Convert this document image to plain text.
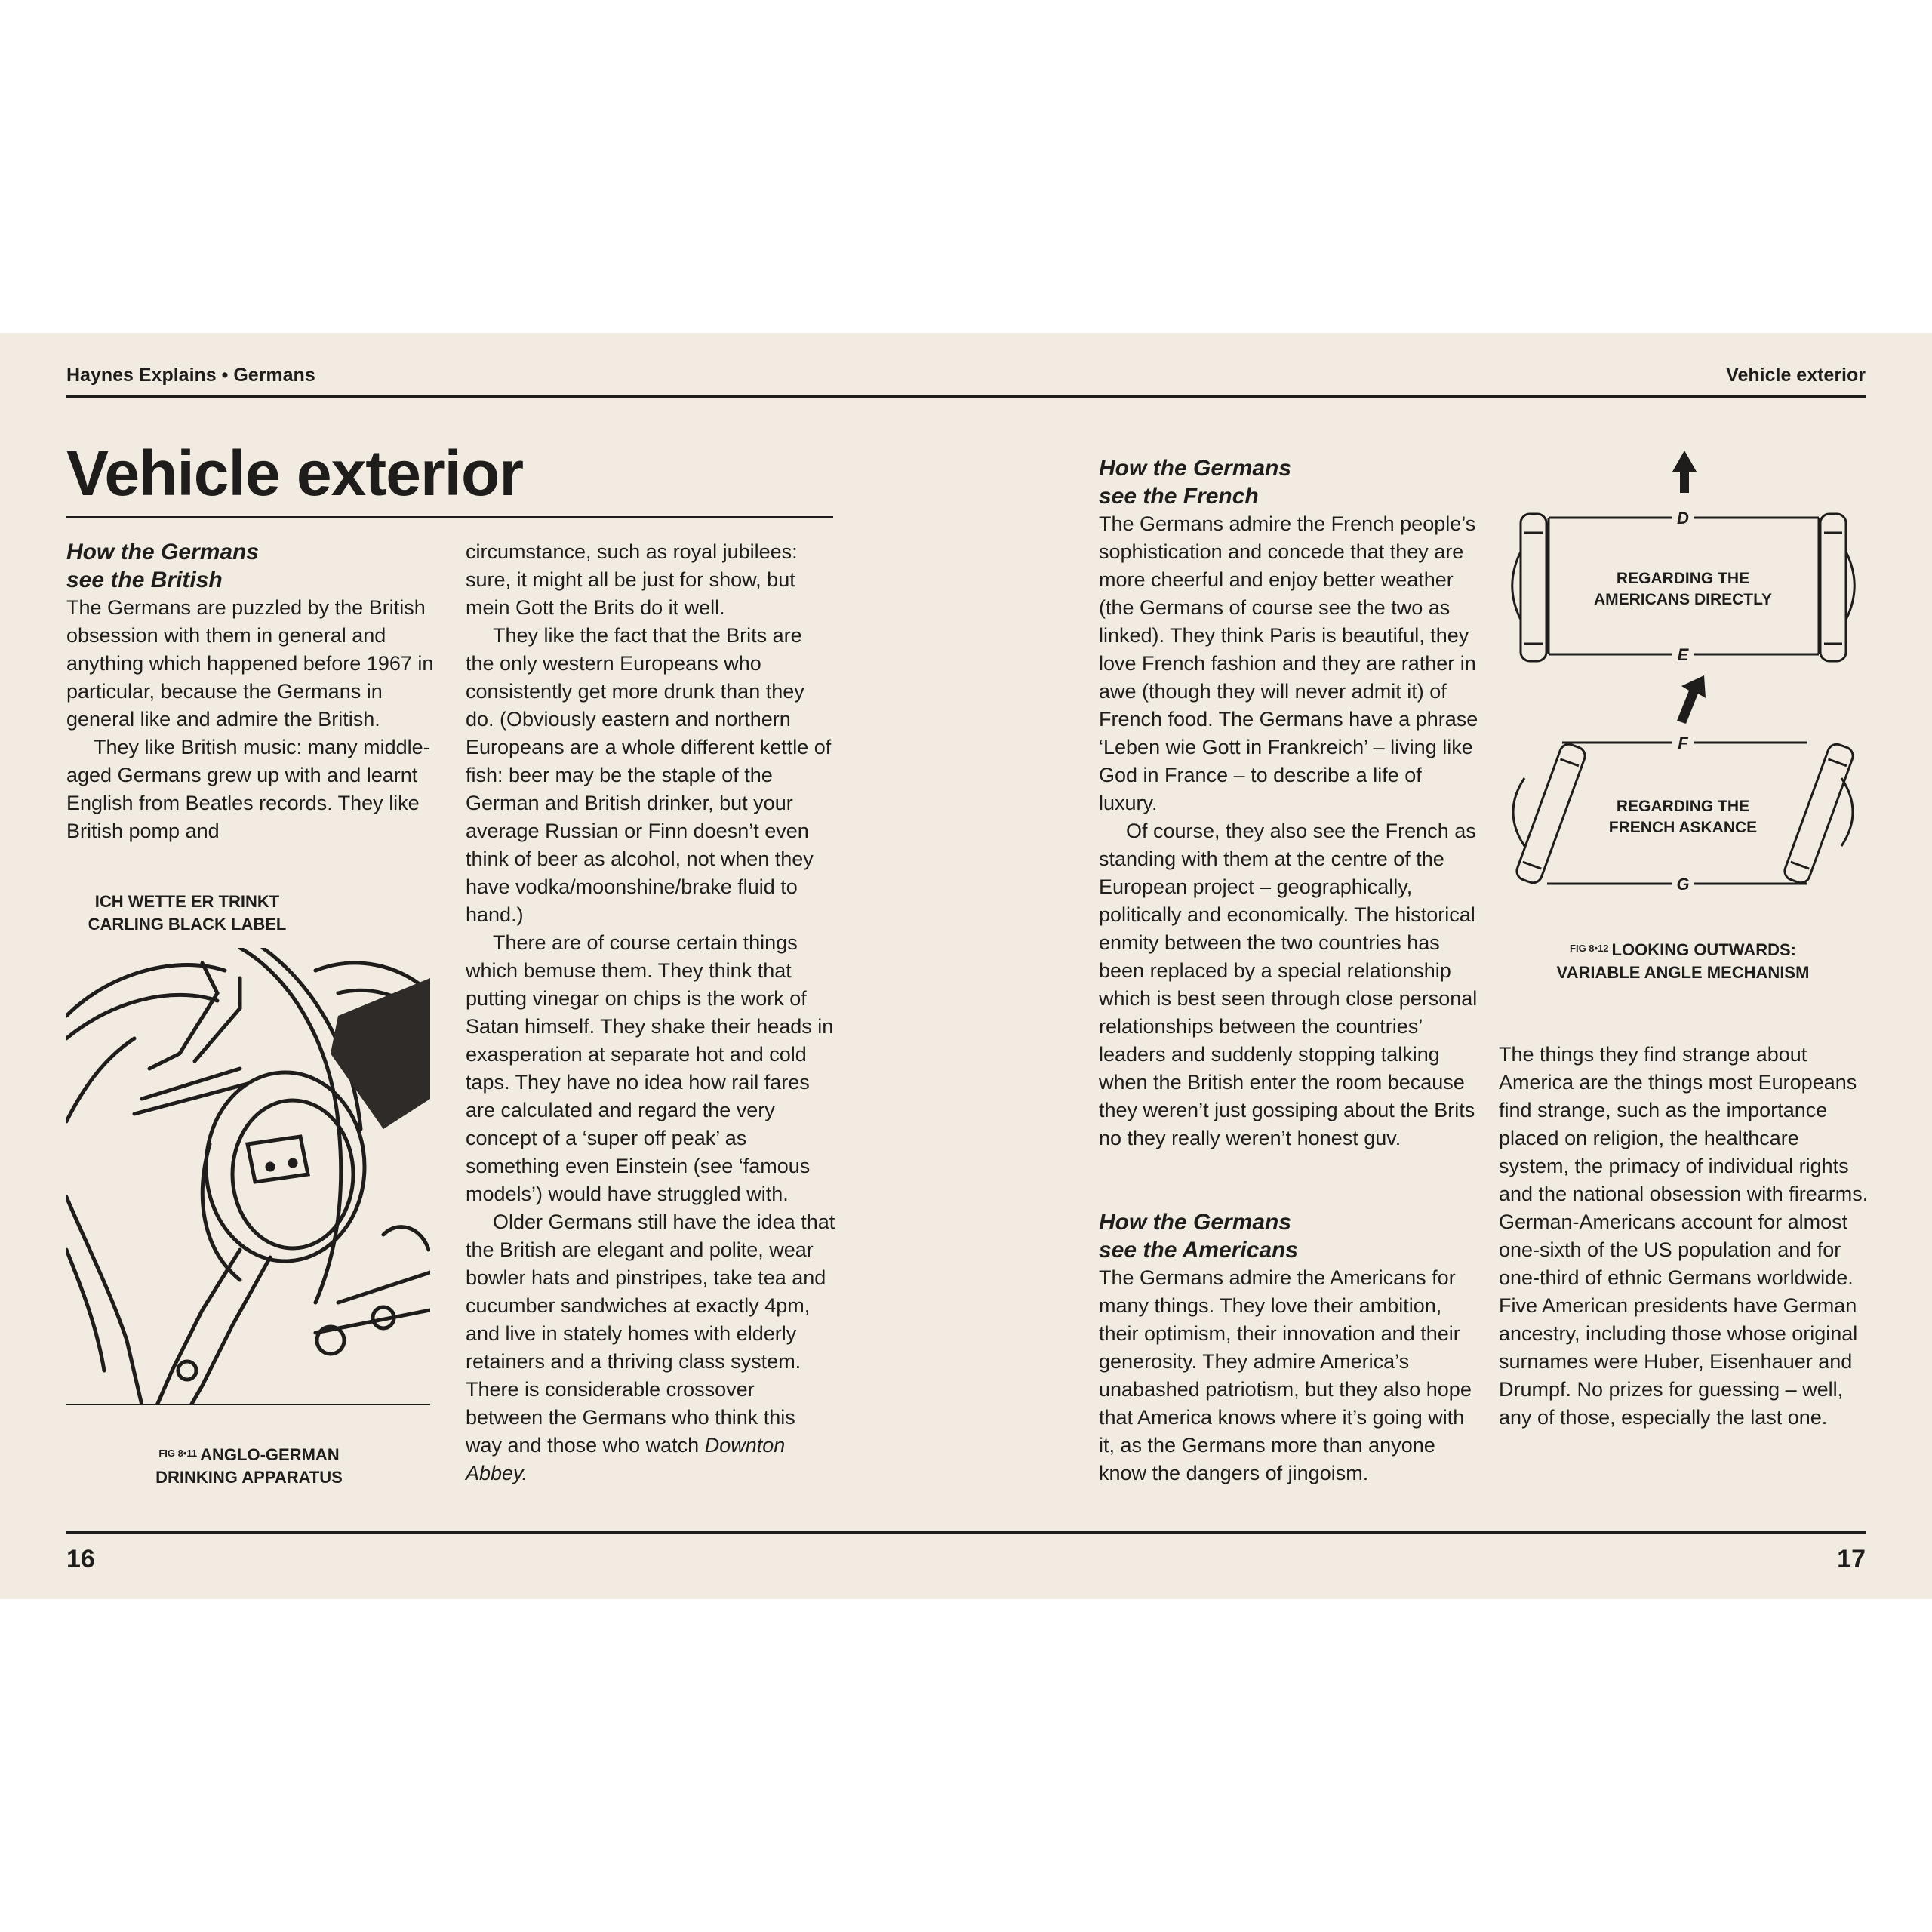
Haynes Explains • Germans	Vehicle exterior
Vehicle exterior

How the Germans

see the British

The Germans are puzzled by the British obsession with them in general and anything which happened before 1967 in particular, because the Germans in general like and admire the British.

They like British music: many middle-aged Germans grew up with and learnt English from Beatles records. They like British pomp and

ICH WETTE ER TRINKT
CARLING BLACK LABEL
$^{FIG 8•11}$ ANGLO-GERMAN
DRINKING APPARATUS

circumstance, such as royal jubilees: sure, it might all be just for show, but mein Gott the Brits do it well.

They like the fact that the Brits are the only western Europeans who consistently get more drunk than they do. (Obviously eastern and northern Europeans are a whole different kettle of fish: beer may be the staple of the German and British drinker, but your average Russian or Finn doesn’t even think of beer as alcohol, not when they have vodka/moonshine/brake fluid to hand.)

There are of course certain things which bemuse them. They think that putting vinegar on chips is the work of Satan himself. They shake their heads in exasperation at separate hot and cold taps. They have no idea how rail fares are calculated and regard the very concept of a ‘super off peak’ as something even Einstein (see ‘famous models’) would have struggled with.

Older Germans still have the idea that the British are elegant and polite, wear bowler hats and pinstripes, take tea and cucumber sandwiches at exactly 4pm, and live in stately homes with elderly retainers and a thriving class system. There is considerable crossover between the Germans who think this way and those who watch Downton Abbey.

How the Germans

see the French

The Germans admire the French people’s sophistication and concede that they are more cheerful and enjoy better weather (the Germans of course see the two as linked). They think Paris is beautiful, they love French fashion and they are rather in awe (though they will never admit it) of French food. The Germans have a phrase ‘Leben wie Gott in Frankreich’ – living like God in France – to describe a life of luxury.

Of course, they also see the French as standing with them at the centre of the European project – geographically, politically and economically. The historical enmity between the two countries has been replaced by a special relationship which is best seen through close personal relationships between the countries’ leaders and suddenly stopping talking when the British enter the room because they weren’t just gossiping about the Brits no they really weren’t honest guv.

How the Germans

see the Americans

The Germans admire the Americans for many things. They love their ambition, their optimism, their innovation and their generosity. They admire America’s unabashed patriotism, but they also hope that America knows where it’s going with it, as the Germans more than anyone know the dangers of jingoism.

D
E
F
G
REGARDING THE
AMERICANS DIRECTLY
REGARDING THE
FRENCH ASKANCE
$^{FIG 8•12}$ LOOKING OUTWARDS:
VARIABLE ANGLE MECHANISM

The things they find strange about America are the things most Europeans find strange, such as the importance placed on religion, the healthcare system, the primacy of individual rights and the national obsession with firearms. German-Americans account for almost one-sixth of the US population and for one-third of ethnic Germans worldwide. Five American presidents have German ancestry, including those whose original surnames were Huber, Eisenhauer and Drumpf. No prizes for guessing – well, any of those, especially the last one.

16	17
